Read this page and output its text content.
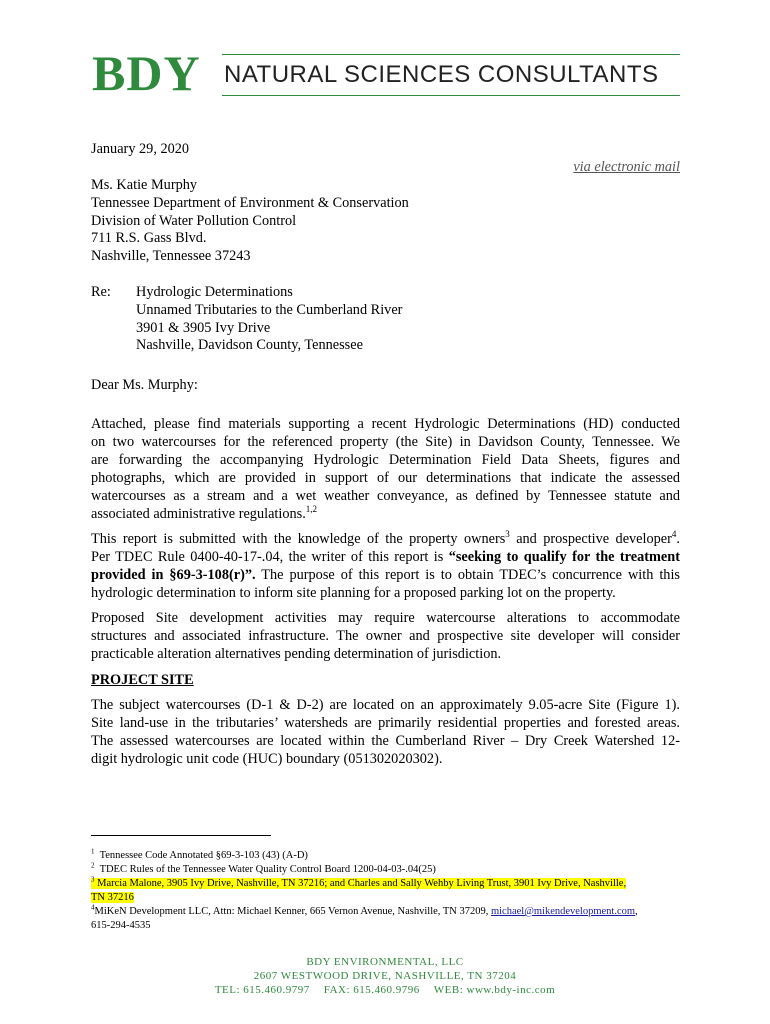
BDY NATURAL SCIENCES CONSULTANTS
January 29, 2020
via electronic mail
Ms. Katie Murphy
Tennessee Department of Environment & Conservation
Division of Water Pollution Control
711 R.S. Gass Blvd.
Nashville, Tennessee 37243
Re: Hydrologic Determinations
Unnamed Tributaries to the Cumberland River
3901 & 3905 Ivy Drive
Nashville, Davidson County, Tennessee
Dear Ms. Murphy:
Attached, please find materials supporting a recent Hydrologic Determinations (HD) conducted
on two watercourses for the referenced property (the Site) in Davidson County, Tennessee. We
are forwarding the accompanying Hydrologic Determination Field Data Sheets, figures and
photographs, which are provided in support of our determinations that indicate the assessed
watercourses as a stream and a wet weather conveyance, as defined by Tennessee statute and
associated administrative regulations.$^{1,2}$
This report is submitted with the knowledge of the property owners$^3$ and prospective developer$^4$.
Per TDEC Rule 0400-40-17-.04, the writer of this report is “seeking to qualify for the treatment
provided in §69-3-108(r)”. The purpose of this report is to obtain TDEC’s concurrence with this
hydrologic determination to inform site planning for a proposed parking lot on the property.
Proposed Site development activities may require watercourse alterations to accommodate
structures and associated infrastructure. The owner and prospective site developer will consider
practicable alteration alternatives pending determination of jurisdiction.
PROJECT SITE
The subject watercourses (D-1 & D-2) are located on an approximately 9.05-acre Site (Figure 1).
Site land-use in the tributaries’ watersheds are primarily residential properties and forested areas.
The assessed watercourses are located within the Cumberland River – Dry Creek Watershed 12-
digit hydrologic unit code (HUC) boundary (051302020302).
$^1$ Tennessee Code Annotated §69-3-103 (43) (A-D)
$^2$ TDEC Rules of the Tennessee Water Quality Control Board 1200-04-03-.04(25)
$^3$ Marcia Malone, 3905 Ivy Drive, Nashville, TN 37216; and Charles and Sally Wehby Living Trust, 3901 Ivy Drive, Nashville,
TN 37216
$^4$MiKeN Development LLC, Attn: Michael Kenner, 665 Vernon Avenue, Nashville, TN 37209, michael@mikendevelopment.com,
615-294-4535
BDY ENVIRONMENTAL, LLC
2607 WESTWOOD DRIVE, NASHVILLE, TN 37204
TEL: 615.460.9797 FAX: 615.460.9796 WEB: www.bdy-inc.com
